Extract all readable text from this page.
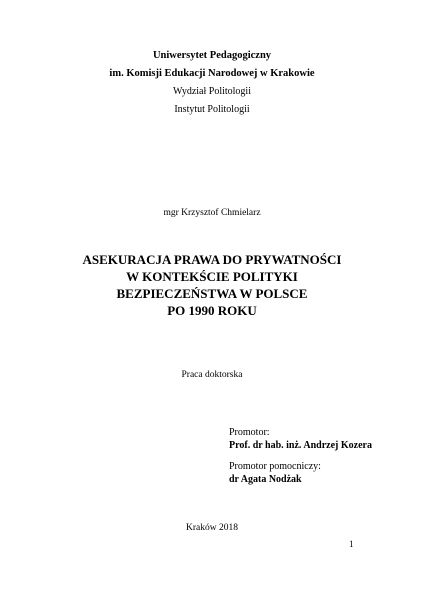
Uniwersytet Pedagogiczny
im. Komisji Edukacji Narodowej w Krakowie
Wydział Politologii
Instytut Politologii
mgr Krzysztof Chmielarz
ASEKURACJA PRAWA DO PRYWATNOŚCI
W KONTEKŚCIE POLITYKI
BEZPIECZEŃSTWA W POLSCE
PO 1990 ROKU
Praca doktorska
Promotor:
Prof. dr hab. inż. Andrzej Kozera
Promotor pomocniczy:
dr Agata Nodżak
Kraków 2018
1
